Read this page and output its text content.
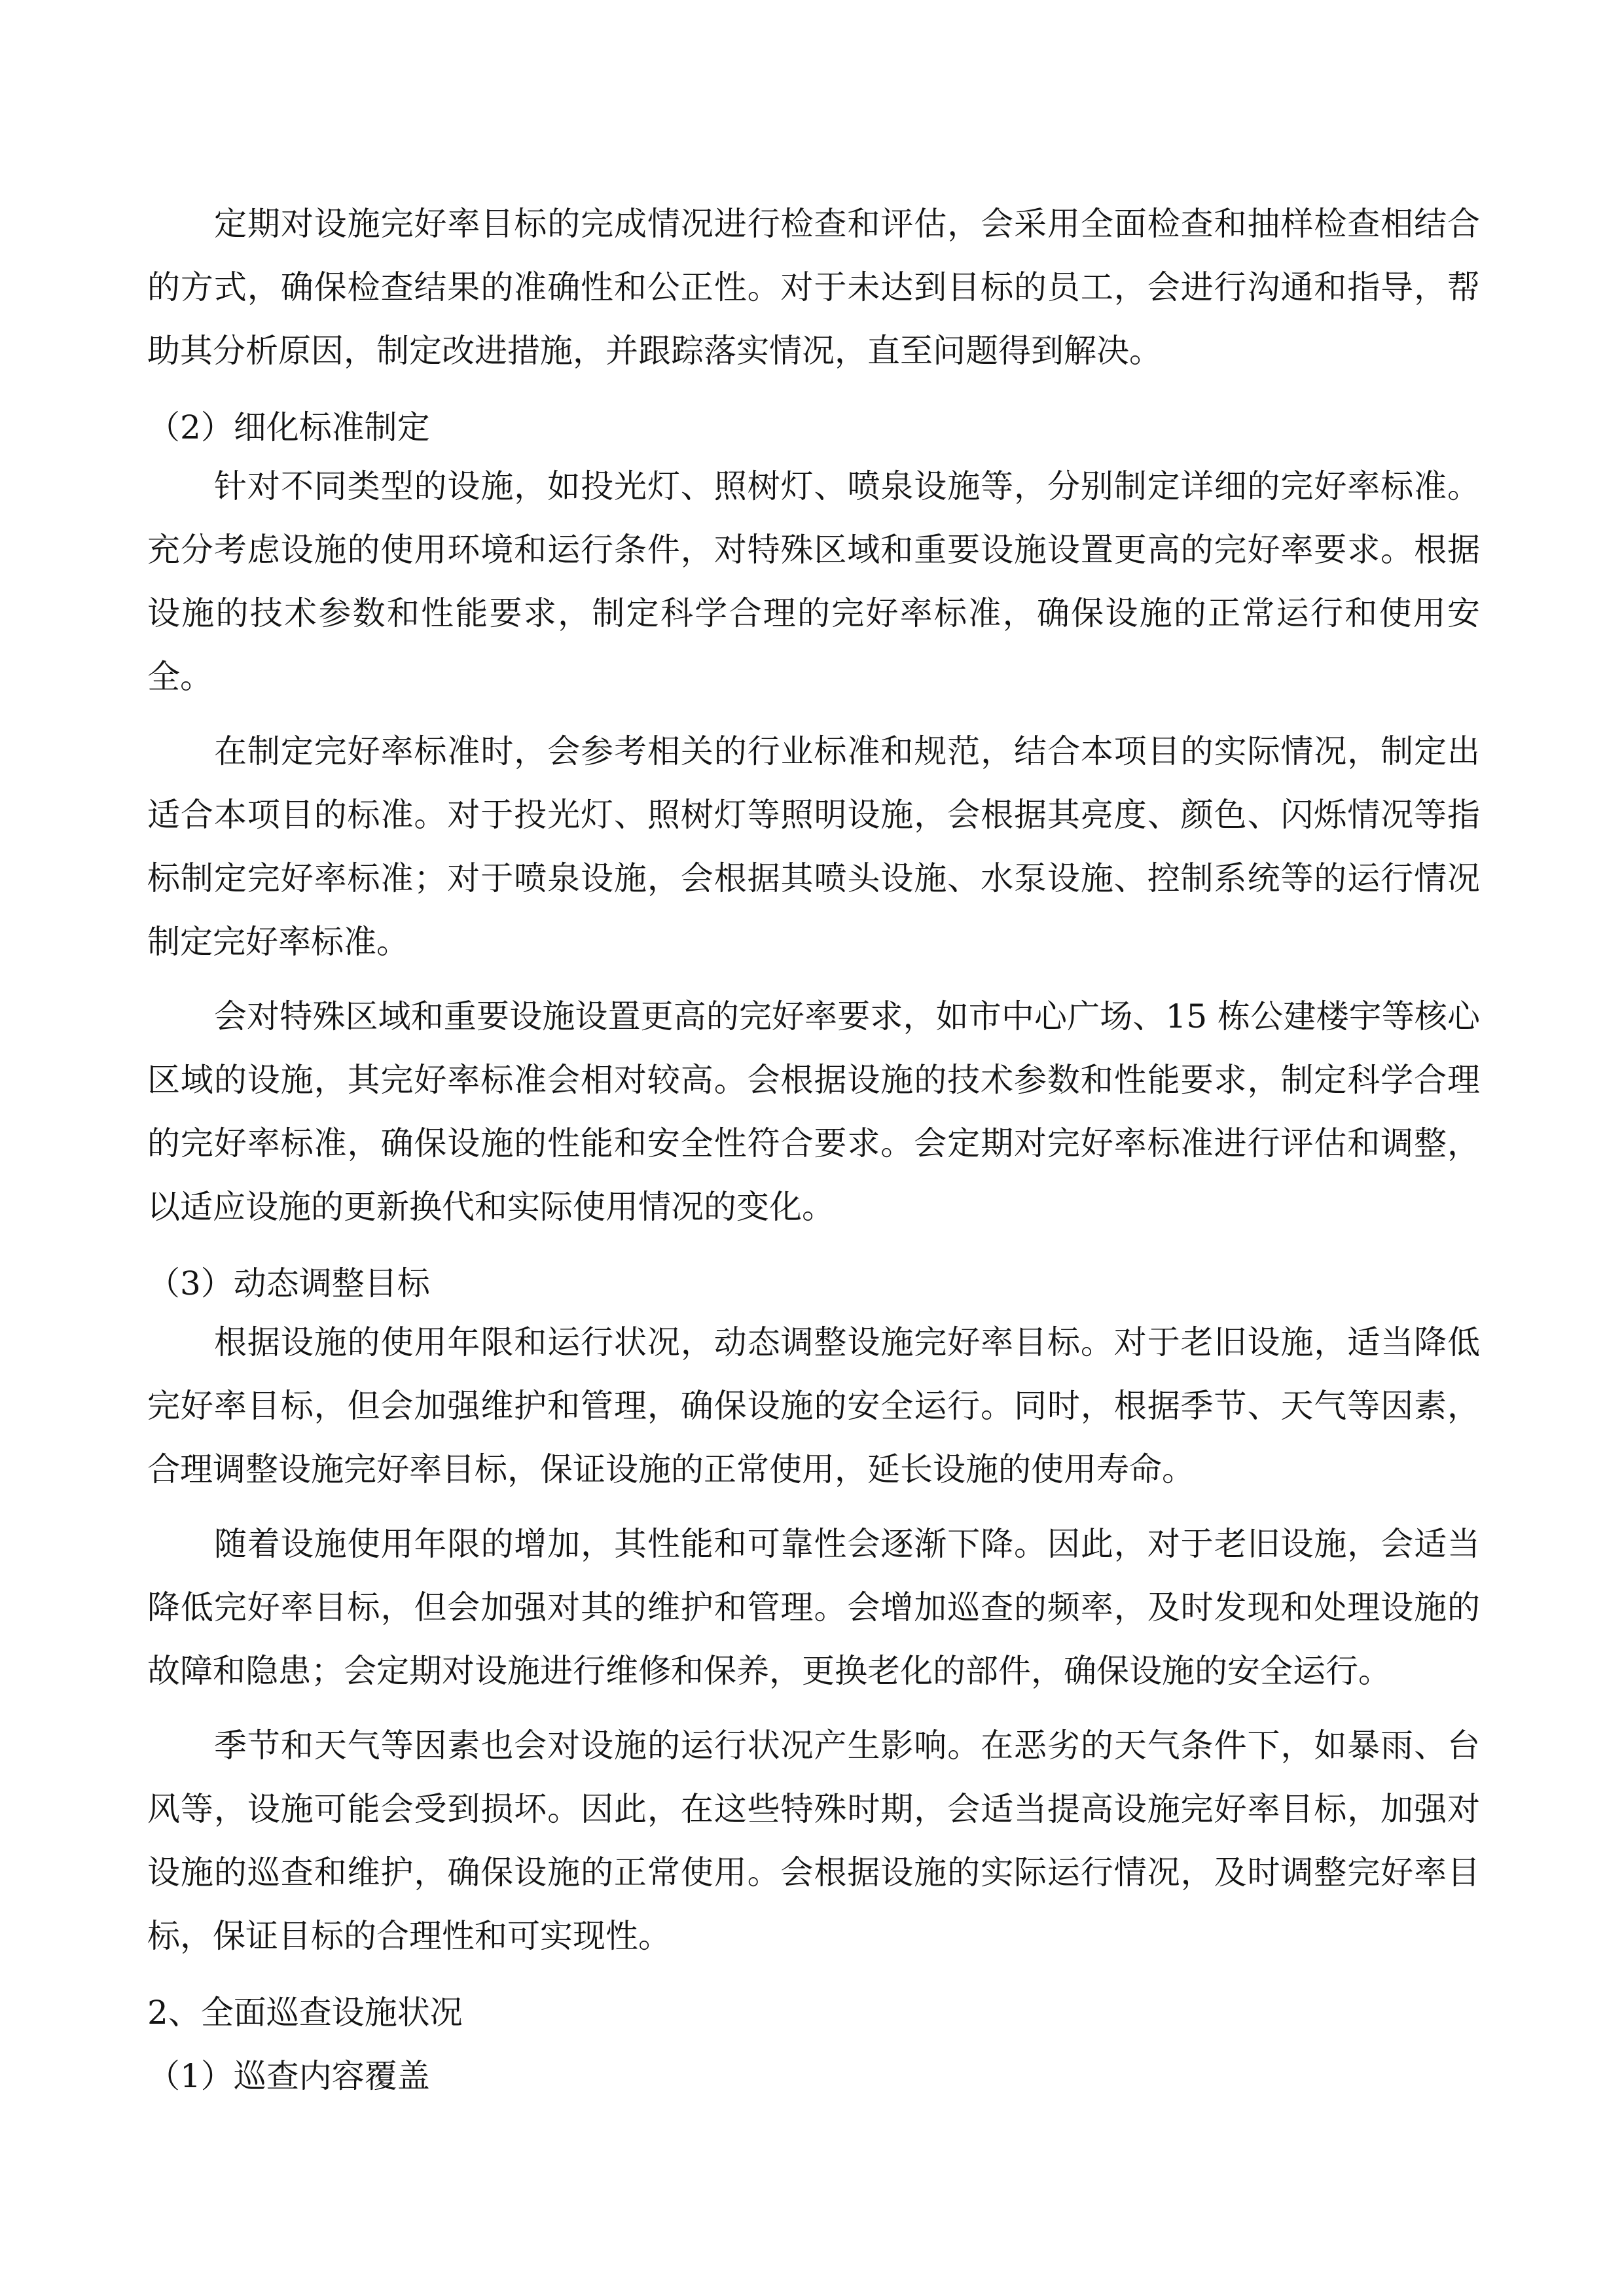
定期对设施完好率目标的完成情况进行检查和评估，会采用全面检查和抽样检查相结合
的方式，确保检查结果的准确性和公正性。对于未达到目标的员工，会进行沟通和指导，帮
助其分析原因，制定改进措施，并跟踪落实情况，直至问题得到解决。
（2）细化标准制定
针对不同类型的设施，如投光灯、照树灯、喷泉设施等，分别制定详细的完好率标准。
充分考虑设施的使用环境和运行条件，对特殊区域和重要设施设置更高的完好率要求。根据
设施的技术参数和性能要求，制定科学合理的完好率标准，确保设施的正常运行和使用安
全。
在制定完好率标准时，会参考相关的行业标准和规范，结合本项目的实际情况，制定出
适合本项目的标准。对于投光灯、照树灯等照明设施，会根据其亮度、颜色、闪烁情况等指
标制定完好率标准；对于喷泉设施，会根据其喷头设施、水泵设施、控制系统等的运行情况
制定完好率标准。
会对特殊区域和重要设施设置更高的完好率要求，如市中心广场、15 栋公建楼宇等核心
区域的设施，其完好率标准会相对较高。会根据设施的技术参数和性能要求，制定科学合理
的完好率标准，确保设施的性能和安全性符合要求。会定期对完好率标准进行评估和调整，
以适应设施的更新换代和实际使用情况的变化。
（3）动态调整目标
根据设施的使用年限和运行状况，动态调整设施完好率目标。对于老旧设施，适当降低
完好率目标，但会加强维护和管理，确保设施的安全运行。同时，根据季节、天气等因素，
合理调整设施完好率目标，保证设施的正常使用，延长设施的使用寿命。
随着设施使用年限的增加，其性能和可靠性会逐渐下降。因此，对于老旧设施，会适当
降低完好率目标，但会加强对其的维护和管理。会增加巡查的频率，及时发现和处理设施的
故障和隐患；会定期对设施进行维修和保养，更换老化的部件，确保设施的安全运行。
季节和天气等因素也会对设施的运行状况产生影响。在恶劣的天气条件下，如暴雨、台
风等，设施可能会受到损坏。因此，在这些特殊时期，会适当提高设施完好率目标，加强对
设施的巡查和维护，确保设施的正常使用。会根据设施的实际运行情况，及时调整完好率目
标，保证目标的合理性和可实现性。
2、全面巡查设施状况
（1）巡查内容覆盖
